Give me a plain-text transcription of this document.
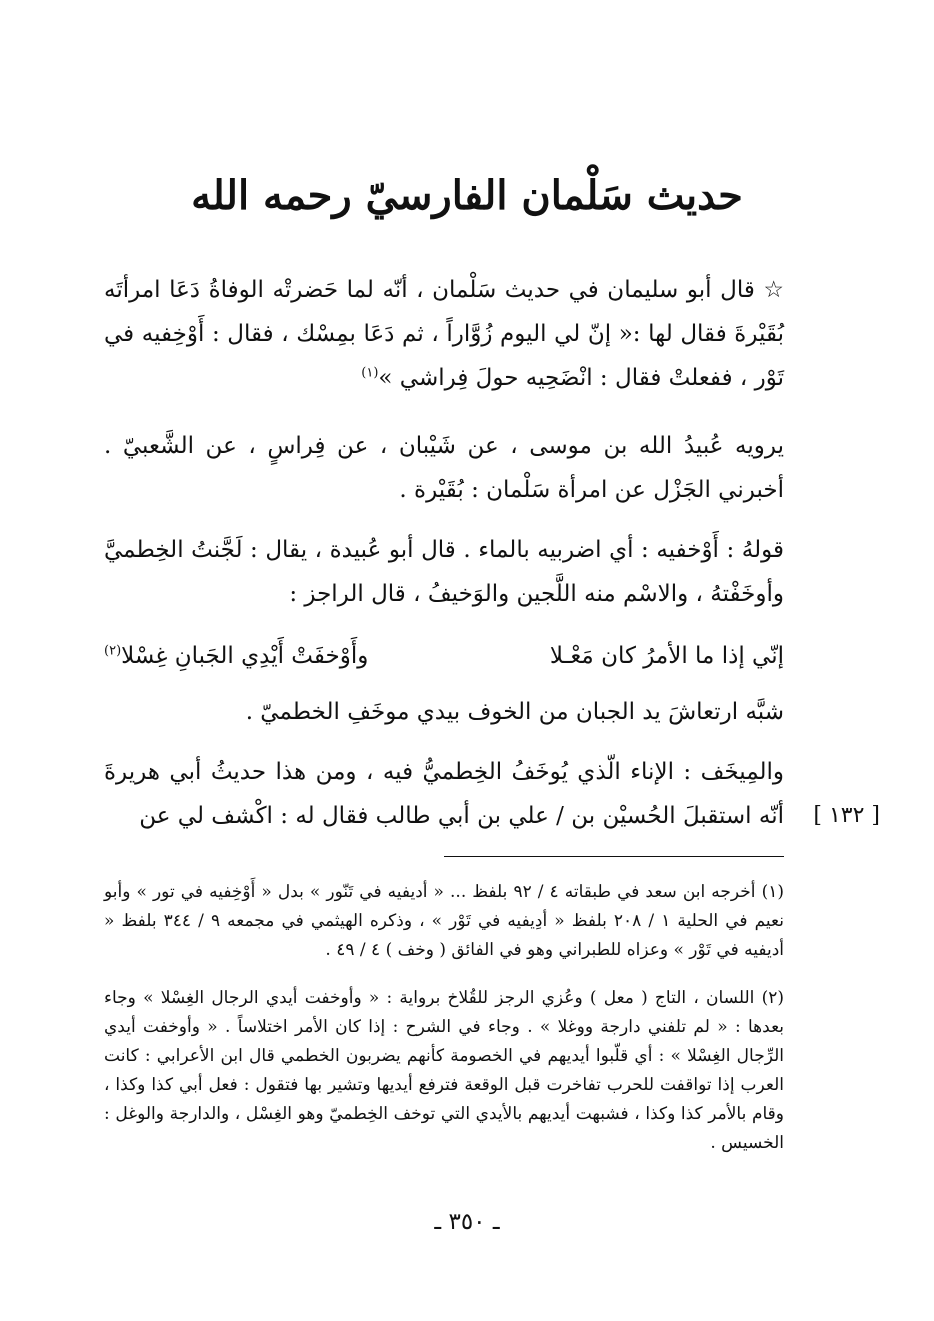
حديث سَلْمان الفارسيّ رحمه الله

☆ قال أبو سليمان في حديث سَلْمان ، أنّه لما حَضرتْه الوفاةُ دَعَا امرأتَه بُقَيْرةَ فقال لها :« إنّ لي اليوم زُوَّاراً ، ثم دَعَا بمِسْك ، فقال : أَوْخِفيه في تَوْر ، ففعلتْ فقال : انْضَحِيه حولَ فِراشي »$^{(١)}$

يرويه عُبيدُ الله بن موسى ، عن شَيْبان ، عن فِراسٍ ، عن الشَّعبيّ . أخبرني الجَزْل عن امرأة سَلْمان : بُقَيْرة .

قولهُ : أَوْخفيه : أي اضربيه بالماء . قال أبو عُبيدة ، يقال : لَجَّنتُ الخِطميَّ وأوخَفْتهُ ، والاسْم منه اللَّجين والوَخيفُ ، قال الراجز :

إنّي إذا ما الأمرُ كان مَعْـلا
وأَوْخفَتْ أَيْدِي الجَبانِ غِسْلا$^{(٢)}$

شبَّه ارتعاشَ يد الجبان من الخوف بيدي موخَفِ الخطميّ .

والمِيخَف : الإناء الّذي يُوخَفُ الخِطميُّ فيه ، ومن هذا حديثُ أبي هريرةَ أنّه استقبلَ الحُسيْن بن / علي بن أبي طالب فقال له : اكْشف لي عن	[ ١٣٢ ]

(١) أخرجه ابن سعد في طبقاته ٤ / ٩٢ بلفظ ... « أديفيه في تَنّور » بدل « أَوْخِفيه في تور » وأبو نعيم في الحلية ١ / ٢٠٨ بلفظ « أدِيفيه في تَوْر » ، وذكره الهيثمي في مجمعه ٩ / ٣٤٤ بلفظ « أديفيه في تَوْر » وعزاه للطبراني وهو في الفائق ( وخف ) ٤ / ٤٩ .

(٢) اللسان ، التاج ( معل ) وعُزي الرجز للقُلاخ برواية : « وأوخفت أيدي الرجال الغِسْلا » وجاء بعدها : « لم تلفني دارجة ووغلا » . وجاء في الشرح : إذا كان الأمر اختلاساً . « وأوخفت أيدي الرِّجال الغِسْلا » : أي قلّبوا أيديهم في الخصومة كأنهم يضربون الخطمي قال ابن الأعرابي : كانت العرب إذا تواقفت للحرب تفاخرت قبل الوقعة فترفع أيديها وتشير بها فتقول : فعل أبي كذا وكذا ، وقام بالأمر كذا وكذا ، فشبهت أيديهم بالأيدي التي توخف الخِطميّ وهو الغِسْل ، والدارجة والوغل : الخسيس .

ـ ٣٥٠ ـ
